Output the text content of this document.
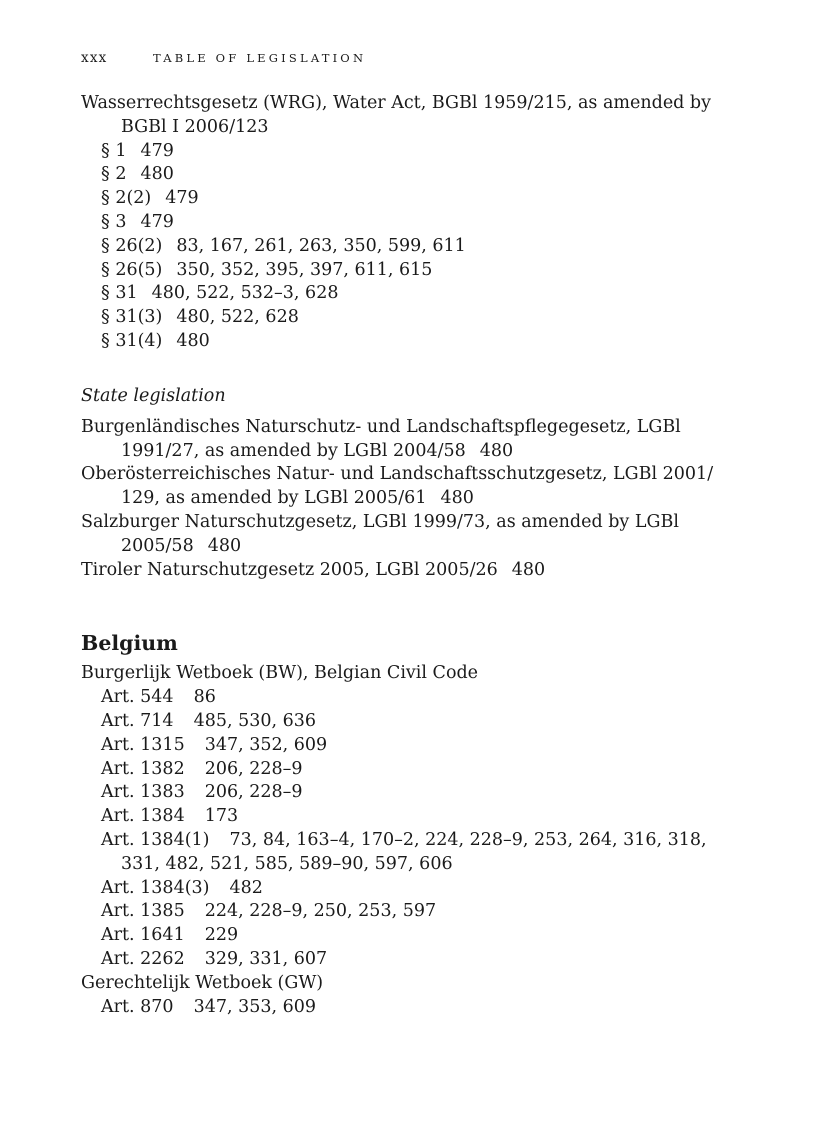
xxx	TABLE OF LEGISLATION
Wasserrechtsgesetz (WRG), Water Act, BGBl 1959/215, as amended by
BGBl I 2006/123
§ 1 479
§ 2 480
§ 2(2) 479
§ 3 479
§ 26(2) 83, 167, 261, 263, 350, 599, 611
§ 26(5) 350, 352, 395, 397, 611, 615
§ 31 480, 522, 532–3, 628
§ 31(3) 480, 522, 628
§ 31(4) 480
State legislation
Burgenländisches Naturschutz- und Landschaftspflegegesetz, LGBl
1991/27, as amended by LGBl 2004/58 480
Oberösterreichisches Natur- und Landschaftsschutzgesetz, LGBl 2001/
129, as amended by LGBl 2005/61 480
Salzburger Naturschutzgesetz, LGBl 1999/73, as amended by LGBl
2005/58 480
Tiroler Naturschutzgesetz 2005, LGBl 2005/26 480
Belgium
Burgerlijk Wetboek (BW), Belgian Civil Code
Art. 544 86
Art. 714 485, 530, 636
Art. 1315 347, 352, 609
Art. 1382 206, 228–9
Art. 1383 206, 228–9
Art. 1384 173
Art. 1384(1) 73, 84, 163–4, 170–2, 224, 228–9, 253, 264, 316, 318,
331, 482, 521, 585, 589–90, 597, 606
Art. 1384(3) 482
Art. 1385 224, 228–9, 250, 253, 597
Art. 1641 229
Art. 2262 329, 331, 607
Gerechtelijk Wetboek (GW)
Art. 870 347, 353, 609
